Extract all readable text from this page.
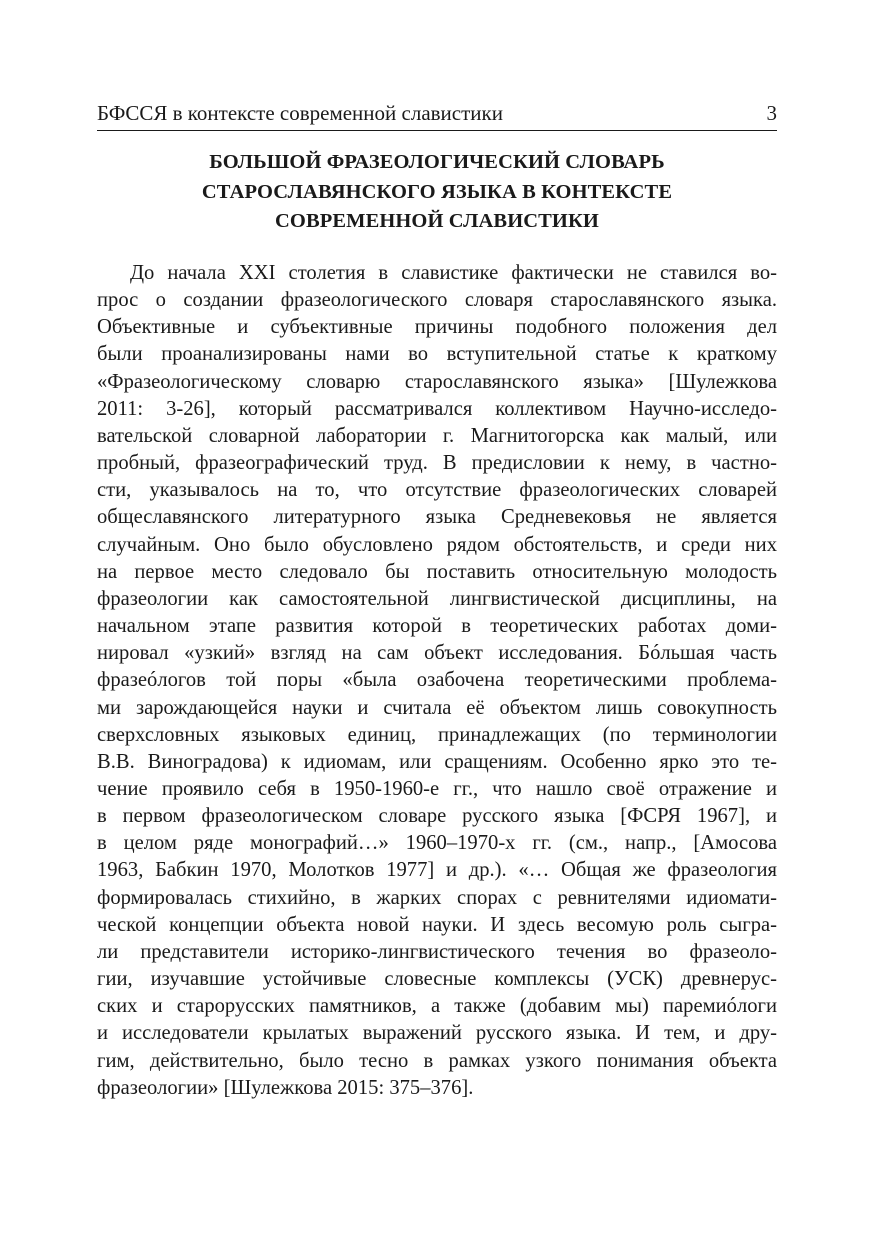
БФССЯ в контексте современной славистики	3
БОЛЬШОЙ ФРАЗЕОЛОГИЧЕСКИЙ СЛОВАРЬ
СТАРОСЛАВЯНСКОГО ЯЗЫКА В КОНТЕКСТЕ
СОВРЕМЕННОЙ СЛАВИСТИКИ
До начала XXI столетия в славистике фактически не ставился во-
прос о создании фразеологического словаря старославянского языка.
Объективные и субъективные причины подобного положения дел
были проанализированы нами во вступительной статье к краткому
«Фразеологическому словарю старославянского языка» [Шулежкова
2011: 3-26], который рассматривался коллективом Научно-исследо-
вательской словарной лаборатории г. Магнитогорска как малый, или
пробный, фразеографический труд. В предисловии к нему, в частно-
сти, указывалось на то, что отсутствие фразеологических словарей
общеславянского литературного языка Средневековья не является
случайным. Оно было обусловлено рядом обстоятельств, и среди них
на первое место следовало бы поставить относительную молодость
фразеологии как самостоятельной лингвистической дисциплины, на
начальном этапе развития которой в теоретических работах доми-
нировал «узкий» взгляд на сам объект исследования. Бóльшая часть
фразеóлогов той поры «была озабочена теоретическими проблема-
ми зарождающейся науки и считала её объектом лишь совокупность
сверхсловных языковых единиц, принадлежащих (по терминологии
В.В. Виноградова) к идиомам, или сращениям. Особенно ярко это те-
чение проявило себя в 1950-1960-е гг., что нашло своё отражение и
в первом фразеологическом словаре русского языка [ФСРЯ 1967], и
в целом ряде монографий…» 1960–1970-х гг. (см., напр., [Амосова
1963, Бабкин 1970, Молотков 1977] и др.). «… Общая же фразеология
формировалась стихийно, в жарких спорах с ревнителями идиомати-
ческой концепции объекта новой науки. И здесь весомую роль сыгра-
ли представители историко-лингвистического течения во фразеоло-
гии, изучавшие устойчивые словесные комплексы (УСК) древнерус-
ских и старорусских памятников, а также (добавим мы) паремиóлоги
и исследователи крылатых выражений русского языка. И тем, и дру-
гим, действительно, было тесно в рамках узкого понимания объекта
фразеологии» [Шулежкова 2015: 375–376].
